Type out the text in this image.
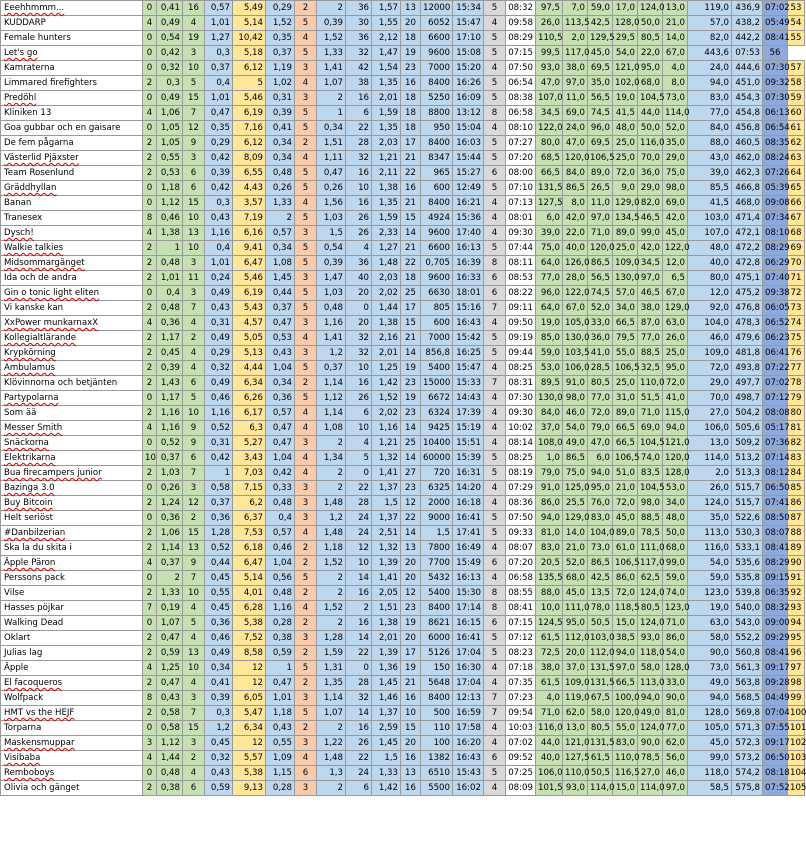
Eeehhmmm...	0	0,41	16	0,57	5,49	0,29	2	2	36	1,57	13	12000	15:34	5	08:32	97,5	7,0	59,0	17,0	124,0	13,0	119,0	436,9	07:02	53
KUDDARP	4	0,49	4	1,01	5,14	1,52	5	0,39	30	1,55	20	6052	15:47	4	09:58	26,0	113,5	42,5	128,0	50,0	21,0	57,0	438,2	05:49	54
Female hunters	0	0,54	19	1,27	10,42	0,35	4	1,52	36	2,12	18	6600	17:10	5	08:29	110,5	2,0	129,5	29,5	80,5	14,0	82,0	442,2	08:41	55
Let's go	0	0,42	3	0,3	5,18	0,37	5	1,33	32	1,47	19	9600	15:08	5	07:15	99,5	117,0	45,0	54,0	22,0	67,0	443,6	07:53	56	
Kamraterna	0	0,32	10	0,37	6,12	1,19	3	1,41	42	1,54	23	7000	15:20	4	07:50	93,0	38,0	69,5	121,0	95,0	4,0	24,0	444,6	07:30	57
Limmared firefighters	2	0,3	5	0,4	5	1,02	4	1,07	38	1,35	16	8400	16:26	5	06:54	47,0	97,0	35,0	102,0	68,0	8,0	94,0	451,0	09:32	58
Predöhl	0	0,49	15	1,01	5,46	0,31	3	2	16	2,01	18	5250	16:09	5	08:38	107,0	11,0	56,5	19,0	104,5	73,0	83,0	454,3	07:30	59
Kliniken 13	4	1,06	7	0,47	6,19	0,39	5	1	6	1,59	18	8800	13:12	8	06:58	34,5	69,0	74,5	41,5	44,0	114,0	77,0	454,8	06:13	60
Goa gubbar och en gaisare	0	1,05	12	0,35	7,16	0,41	5	0,34	22	1,35	18	950	15:04	4	08:10	122,0	24,0	96,0	48,0	50,0	52,0	84,0	456,8	06:54	61
De fem pågarna	2	1,05	9	0,29	6,12	0,34	2	1,51	28	2,03	17	8400	16:03	5	07:27	80,0	47,0	69,5	25,0	116,0	35,0	88,0	460,5	08:35	62
Västerlid Pjäxster	2	0,55	3	0,42	8,09	0,34	4	1,11	32	1,21	21	8347	15:44	5	07:20	68,5	120,0	106,5	25,0	70,0	29,0	43,0	462,0	08:24	63
Team Rosenlund	2	0,53	6	0,39	6,55	0,48	5	0,47	16	2,11	22	965	15:27	6	08:00	66,5	84,0	89,0	72,0	36,0	75,0	39,0	462,3	07:26	64
Gräddhyllan	0	1,18	6	0,42	4,43	0,26	5	0,26	10	1,38	16	600	12:49	5	07:10	131,5	86,5	26,5	9,0	29,0	98,0	85,5	466,8	05:39	65
Banan	0	1,12	15	0,3	3,57	1,33	4	1,56	16	1,35	21	8400	16:21	4	07:13	127,5	8,0	11,0	129,0	82,0	69,0	41,5	468,0	09:08	66
Tranesex	8	0,46	10	0,43	7,19	2	5	1,03	26	1,59	15	4924	15:36	4	08:01	6,0	42,0	97,0	134,5	46,5	42,0	103,0	471,4	07:34	67
Dysch!	4	1,38	13	1,16	6,16	0,57	3	1,5	26	2,33	14	9600	17:40	4	09:30	39,0	22,0	71,0	89,0	99,0	45,0	107,0	472,1	08:10	68
Walkie talkies	2	1	10	0,4	9,41	0,34	5	0,54	4	1,27	21	6600	16:13	5	07:44	75,0	40,0	120,0	25,0	42,0	122,0	48,0	472,2	08:29	69
Midsommargänget	2	0,48	3	1,01	6,47	1,08	5	0,39	36	1,48	22	0,705	16:39	8	08:11	64,0	126,0	86,5	109,0	34,5	12,0	40,0	472,8	06:29	70
Ida och de andra	2	1,01	11	0,24	5,46	1,45	3	1,47	40	2,03	18	9600	16:33	6	08:53	77,0	28,0	56,5	130,0	97,0	6,5	80,0	475,1	07:40	71
Gin o tonic light eliten	0	0,4	3	0,49	6,19	0,44	5	1,03	20	2,02	25	6630	18:01	6	08:22	96,0	122,0	74,5	57,0	46,5	67,0	12,0	475,2	09:38	72
Vi kanske kan	2	0,48	7	0,43	5,43	0,37	5	0,48	0	1,44	17	805	15:16	7	09:11	64,0	67,0	52,0	34,0	38,0	129,0	92,0	476,8	06:05	73
XxPower munkarnaxX	4	0,36	4	0,31	4,57	0,47	3	1,16	20	1,38	15	600	16:43	4	09:50	19,0	105,0	33,0	66,5	87,0	63,0	104,0	478,3	06:52	74
Kollegialtlärande	2	1,17	2	0,49	5,05	0,53	4	1,41	32	2,16	21	7000	15:42	5	09:19	85,0	130,0	36,0	79,5	77,0	26,0	46,0	479,6	06:23	75
Krypkörning	2	0,45	4	0,29	5,13	0,43	3	1,2	32	2,01	14	856,8	16:25	5	09:44	59,0	103,5	41,0	55,0	88,5	25,0	109,0	481,8	06:41	76
Ambulamus	2	0,39	4	0,32	4,44	1,04	5	0,37	10	1,25	19	5400	15:47	4	08:25	53,0	106,0	28,5	106,5	32,5	95,0	72,0	493,8	07:22	77
Klövinnorna och betjänten	2	1,43	6	0,49	6,34	0,34	2	1,14	16	1,42	23	15000	15:33	7	08:31	89,5	91,0	80,5	25,0	110,0	72,0	29,0	497,7	07:02	78
Partypolarna	0	1,17	5	0,46	6,26	0,36	5	1,12	26	1,52	19	6672	14:43	4	07:30	130,0	98,0	77,0	31,0	51,5	41,0	70,0	498,7	07:12	79
Som ää	2	1,16	10	1,16	6,17	0,57	4	1,14	6	2,02	23	6324	17:39	4	09:30	84,0	46,0	72,0	89,0	71,0	115,0	27,0	504,2	08:08	80
Messer Smith	4	1,16	9	0,52	6,3	0,47	4	1,08	10	1,16	14	9425	15:19	4	10:02	37,0	54,0	79,0	66,5	69,0	94,0	106,0	505,6	05:17	81
Snäckorna	0	0,52	9	0,31	5,27	0,47	3	2	4	1,21	25	10400	15:51	4	08:14	108,0	49,0	47,0	66,5	104,5	121,0	13,0	509,2	07:36	82
Elektrikarna	10	0,37	6	0,42	3,43	1,04	4	1,34	5	1,32	14	60000	15:39	5	08:25	1,0	86,5	6,0	106,5	74,0	120,0	114,0	513,2	07:14	83
Bua firecampers junior	2	1,03	7	1	7,03	0,42	4	2	0	1,41	27	720	16:31	5	08:19	79,0	75,0	94,0	51,0	83,5	128,0	2,0	513,3	08:12	84
Bazinga 3.0	0	0,26	3	0,58	7,15	0,33	3	2	22	1,37	23	6325	14:20	4	07:29	91,0	125,0	95,0	21,0	104,5	53,0	26,0	515,7	06:50	85
Buy Bitcoin	2	1,24	12	0,37	6,2	0,48	3	1,48	28	1,5	12	2000	16:18	4	08:36	86,0	25,5	76,0	72,0	98,0	34,0	124,0	515,7	07:41	86
Helt seriöst	0	0,36	2	0,36	6,37	0,4	3	1,2	24	1,37	22	9000	16:41	5	07:50	94,0	129,0	83,0	45,0	88,5	48,0	35,0	522,6	08:50	87
#Danbilzerian	2	1,06	15	1,28	7,53	0,57	4	1,48	24	2,51	14	1,5	17:41	5	09:33	81,0	14,0	104,0	89,0	78,5	50,0	113,0	530,3	08:07	88
Ska la du skita i	2	1,14	13	0,52	6,18	0,46	2	1,18	12	1,32	13	7800	16:49	4	08:07	83,0	21,0	73,0	61,0	111,0	68,0	116,0	533,1	08:41	89
Äpple Päron	4	0,37	9	0,44	6,47	1,04	2	1,52	10	1,39	20	7700	15:49	6	07:20	20,5	52,0	86,5	106,5	117,0	99,0	54,0	535,6	08:29	90
Perssons pack	0	2	7	0,45	5,14	0,56	5	2	14	1,41	20	5432	16:13	4	06:58	135,5	68,0	42,5	86,0	62,5	59,0	59,0	535,8	09:15	91
Vilse	2	1,33	10	0,55	4,01	0,48	2	2	16	2,05	12	5400	15:30	8	08:55	88,0	45,0	13,5	72,0	124,0	74,0	123,0	539,8	06:35	92
Hasses pöjkar	7	0,19	4	0,45	6,28	1,16	4	1,52	2	1,51	23	8400	17:14	8	08:41	10,0	111,0	78,0	118,5	80,5	123,0	19,0	540,0	08:32	93
Walking Dead	0	1,07	5	0,36	5,38	0,28	2	2	16	1,38	19	8621	16:15	6	07:15	124,5	95,0	50,5	15,0	124,0	71,0	63,0	543,0	09:00	94
Oklart	2	0,47	4	0,46	7,52	0,38	3	1,28	14	2,01	20	6000	16:41	5	07:12	61,5	112,0	103,0	38,5	93,0	86,0	58,0	552,2	09:29	95
Julias lag	2	0,59	13	0,49	8,58	0,59	2	1,59	22	1,39	17	5126	17:04	5	08:23	72,5	20,0	112,0	94,0	118,0	54,0	90,0	560,8	08:41	96
Äpple	4	1,25	10	0,34	12	1	5	1,31	0	1,36	19	150	16:30	4	07:18	38,0	37,0	131,5	97,0	58,0	128,0	73,0	561,3	09:17	97
El facoqueros	2	0,47	4	0,41	12	0,47	2	1,35	28	1,45	21	5648	17:04	4	07:35	61,5	109,0	131,5	66,5	113,0	33,0	49,0	563,8	09:28	98
Wolfpack	8	0,43	3	0,39	6,05	1,01	3	1,14	32	1,46	16	8400	12:13	7	07:23	4,0	119,0	67,5	100,0	94,0	90,0	94,0	568,5	04:49	99
HMT vs the HEJF	2	0,58	7	0,3	5,47	1,18	5	1,07	14	1,37	10	500	16:59	7	09:54	71,0	62,0	58,0	120,0	49,0	81,0	128,0	569,8	07:04	100
Torparna	0	0,58	15	1,2	6,34	0,43	2	2	16	2,59	15	110	17:58	4	10:03	116,0	13,0	80,5	55,0	124,0	77,0	105,0	571,3	07:55	101
Maskensmuppar	3	1,12	3	0,45	12	0,55	3	1,22	26	1,45	20	100	16:20	4	07:02	44,0	121,0	131,5	83,0	90,0	62,0	45,0	572,3	09:17	102
Visibaba	4	1,44	2	0,32	5,57	1,09	4	1,48	22	1,5	16	1382	16:43	6	09:52	40,0	127,5	61,5	110,0	78,5	56,0	99,0	573,2	06:50	103
Remboboys	0	0,48	4	0,43	5,38	1,15	6	1,3	24	1,33	13	6510	15:43	5	07:25	106,0	110,0	50,5	116,5	27,0	46,0	118,0	574,2	08:18	104
Olivia och gänget	2	0,38	6	0,59	9,13	0,28	3	2	6	1,42	16	5500	16:02	4	08:09	101,5	93,0	114,0	15,0	114,0	97,0	58,5	575,8	07:52	105
